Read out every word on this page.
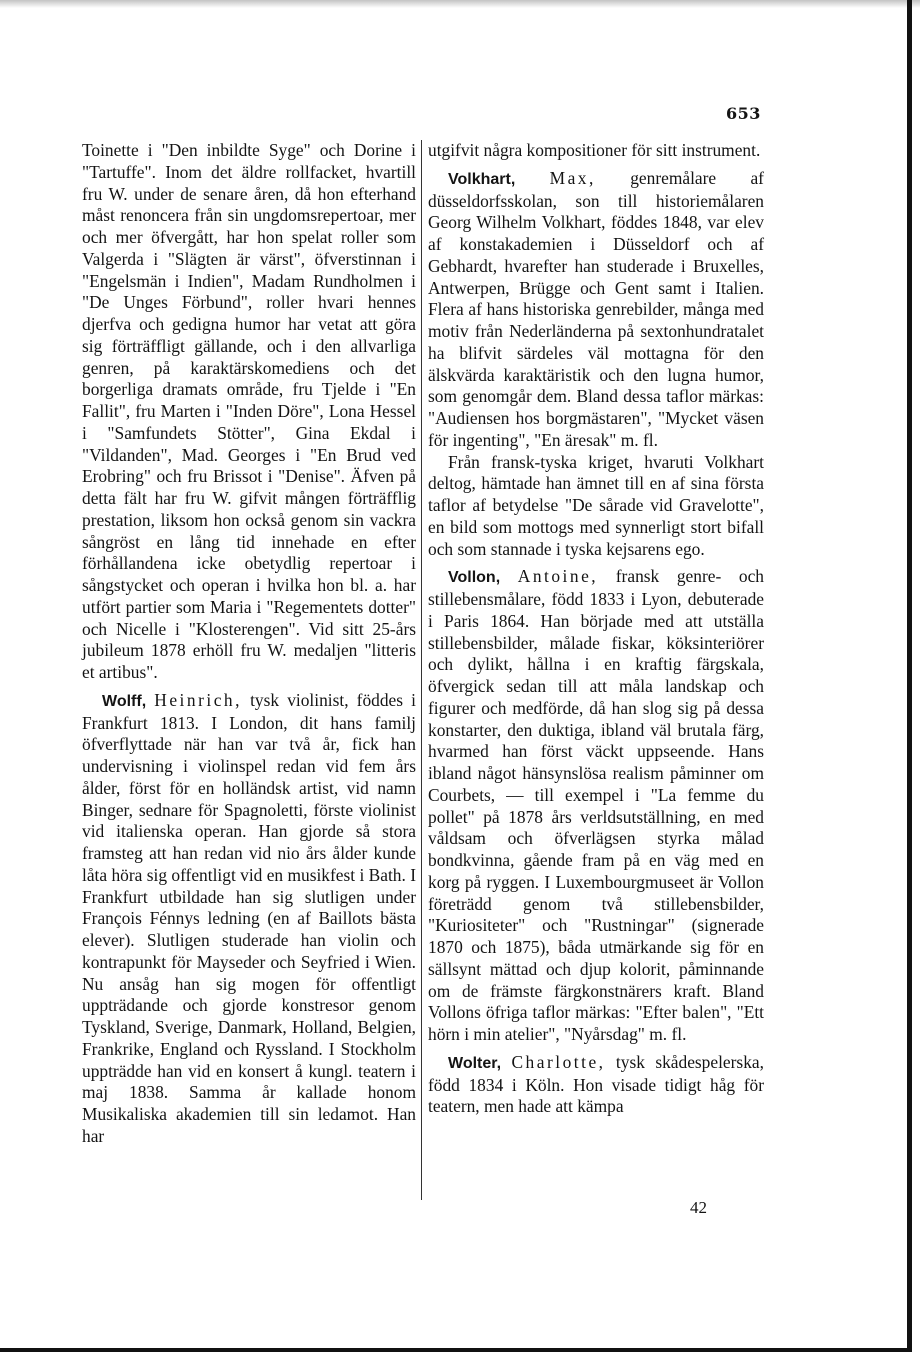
653

Toinette i "Den inbildte Syge" och Dorine i "Tartuffe". Inom det äldre rollfacket, hvartill fru W. under de senare åren, då hon efterhand måst renoncera från sin ungdomsrepertoar, mer och mer öfvergått, har hon spelat roller som Valgerda i "Slägten är värst", öfverstinnan i "Engelsmän i Indien", Madam Rundholmen i "De Unges Förbund", roller hvari hennes djerfva och gedigna humor har vetat att göra sig förträffligt gällande, och i den allvarliga genren, på karaktärskomediens och det borgerliga dramats område, fru Tjelde i "En Fallit", fru Marten i "Inden Döre", Lona Hessel i "Samfundets Stötter", Gina Ekdal i "Vildanden", Mad. Georges i "En Brud ved Erobring" och fru Brissot i "Denise". Äfven på detta fält har fru W. gifvit mången förträfflig prestation, liksom hon också genom sin vackra sångröst en lång tid innehade en efter förhållandena icke obetydlig repertoar i sångstycket och operan i hvilka hon bl. a. har utfört partier som Maria i "Regementets dotter" och Nicelle i "Klosterengen". Vid sitt 25-års jubileum 1878 erhöll fru W. medaljen "litteris et artibus".

Wolff, Heinrich, tysk violinist, föddes i Frankfurt 1813. I London, dit hans familj öfverflyttade när han var två år, fick han undervisning i violinspel redan vid fem års ålder, först för en holländsk artist, vid namn Binger, sednare för Spagnoletti, förste violinist vid italienska operan. Han gjorde så stora framsteg att han redan vid nio års ålder kunde låta höra sig offentligt vid en musikfest i Bath. I Frankfurt utbildade han sig slutligen under François Fénnys ledning (en af Baillots bästa elever). Slutligen studerade han violin och kontrapunkt för Mayseder och Seyfried i Wien. Nu ansåg han sig mogen för offentligt uppträdande och gjorde konstresor genom Tyskland, Sverige, Danmark, Holland, Belgien, Frankrike, England och Ryssland. I Stockholm uppträdde han vid en konsert å kungl. teatern i maj 1838. Samma år kallade honom Musikaliska akademien till sin ledamot. Han har

utgifvit några kompositioner för sitt instrument.

Volkhart, Max, genremålare af düsseldorfsskolan, son till historiemålaren Georg Wilhelm Volkhart, föddes 1848, var elev af konstakademien i Düsseldorf och af Gebhardt, hvarefter han studerade i Bruxelles, Antwerpen, Brügge och Gent samt i Italien. Flera af hans historiska genrebilder, många med motiv från Nederländerna på sextonhundratalet ha blifvit särdeles väl mottagna för den älskvärda karaktäristik och den lugna humor, som genomgår dem. Bland dessa taflor märkas: "Audiensen hos borgmästaren", "Mycket väsen för ingenting", "En äresak" m. fl.

Från fransk-tyska kriget, hvaruti Volkhart deltog, hämtade han ämnet till en af sina första taflor af betydelse "De sårade vid Gravelotte", en bild som mottogs med synnerligt stort bifall och som stannade i tyska kejsarens ego.

Vollon, Antoine, fransk genre- och stillebensmålare, född 1833 i Lyon, debuterade i Paris 1864. Han började med att utställa stillebensbilder, målade fiskar, köksinteriörer och dylikt, hållna i en kraftig färgskala, öfvergick sedan till att måla landskap och figurer och medförde, då han slog sig på dessa konstarter, den duktiga, ibland väl brutala färg, hvarmed han först väckt uppseende. Hans ibland något hänsynslösa realism påminner om Courbets, — till exempel i "La femme du pollet" på 1878 års verldsutställning, en med våldsam och öfverlägsen styrka målad bondkvinna, gående fram på en väg med en korg på ryggen. I Luxembourgmuseet är Vollon företrädd genom två stillebensbilder, "Kuriositeter" och "Rustningar" (signerade 1870 och 1875), båda utmärkande sig för en sällsynt mättad och djup kolorit, påminnande om de främste färgkonstnärers kraft. Bland Vollons öfriga taflor märkas: "Efter balen", "Ett hörn i min atelier", "Nyårsdag" m. fl.

Wolter, Charlotte, tysk skådespelerska, född 1834 i Köln. Hon visade tidigt håg för teatern, men hade att kämpa

42
